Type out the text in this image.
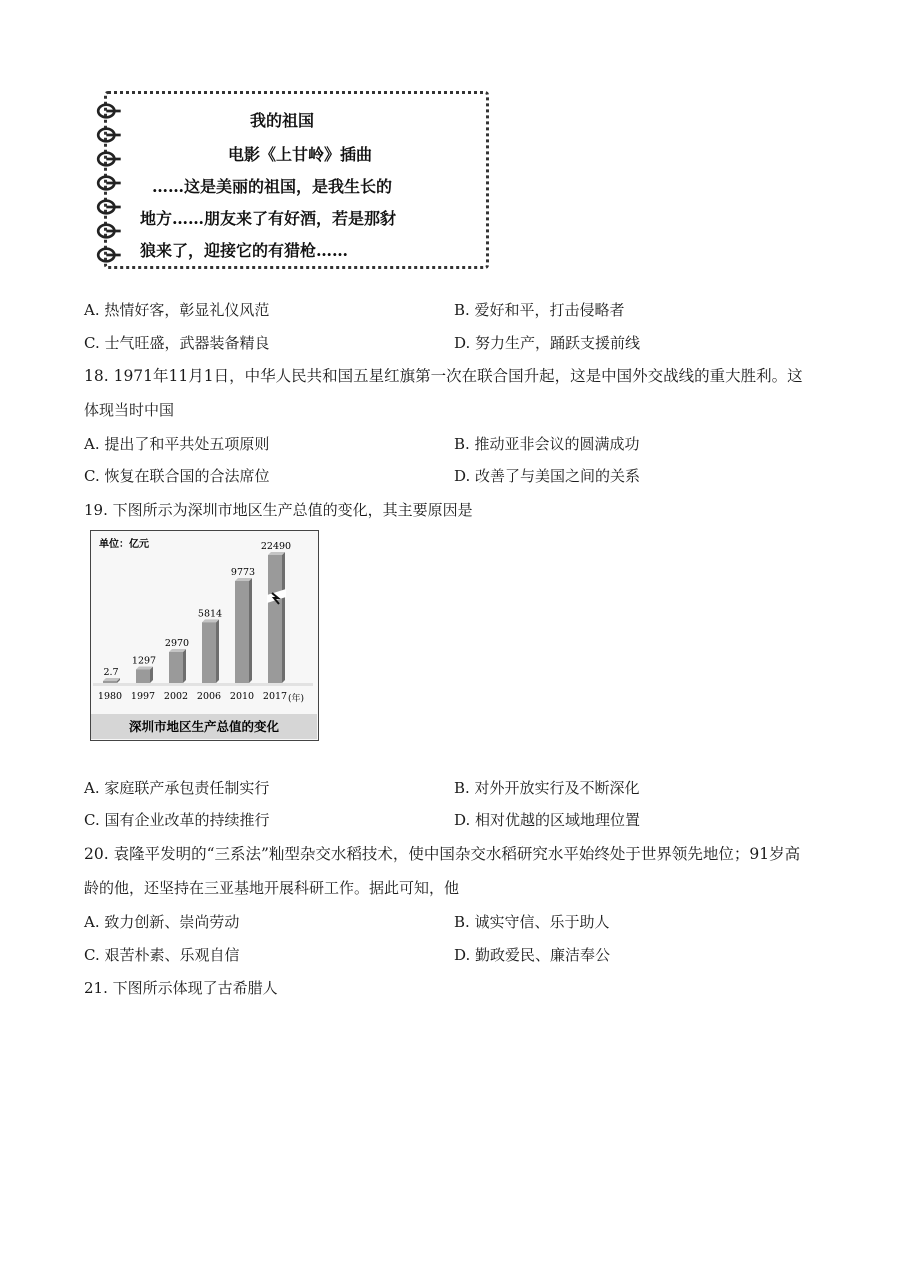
我的祖国
电影《上甘岭》插曲
……这是美丽的祖国，是我生长的
地方……朋友来了有好酒，若是那豺
狼来了，迎接它的有猎枪……
A. 热情好客，彰显礼仪风范	B. 爱好和平，打击侵略者
C. 士气旺盛，武器装备精良	D. 努力生产，踊跃支援前线
18. 1971年11月1日，中华人民共和国五星红旗第一次在联合国升起，这是中国外交战线的重大胜利。这
体现当时中国
A. 提出了和平共处五项原则	B. 推动亚非会议的圆满成功
C. 恢复在联合国的合法席位	D. 改善了与美国之间的关系
19. 下图所示为深圳市地区生产总值的变化，其主要原因是
单位：亿元
深圳市地区生产总值的变化
(年)
2.7
1980
1297
1997
2970
2002
5814
2006
9773
2010
22490
2017
A. 家庭联产承包责任制实行	B. 对外开放实行及不断深化
C. 国有企业改革的持续推行	D. 相对优越的区域地理位置
20. 袁隆平发明的“三系法”籼型杂交水稻技术，使中国杂交水稻研究水平始终处于世界领先地位；91岁高
龄的他，还坚持在三亚基地开展科研工作。据此可知，他
A. 致力创新、崇尚劳动	B. 诚实守信、乐于助人
C. 艰苦朴素、乐观自信	D. 勤政爱民、廉洁奉公
21. 下图所示体现了古希腊人
